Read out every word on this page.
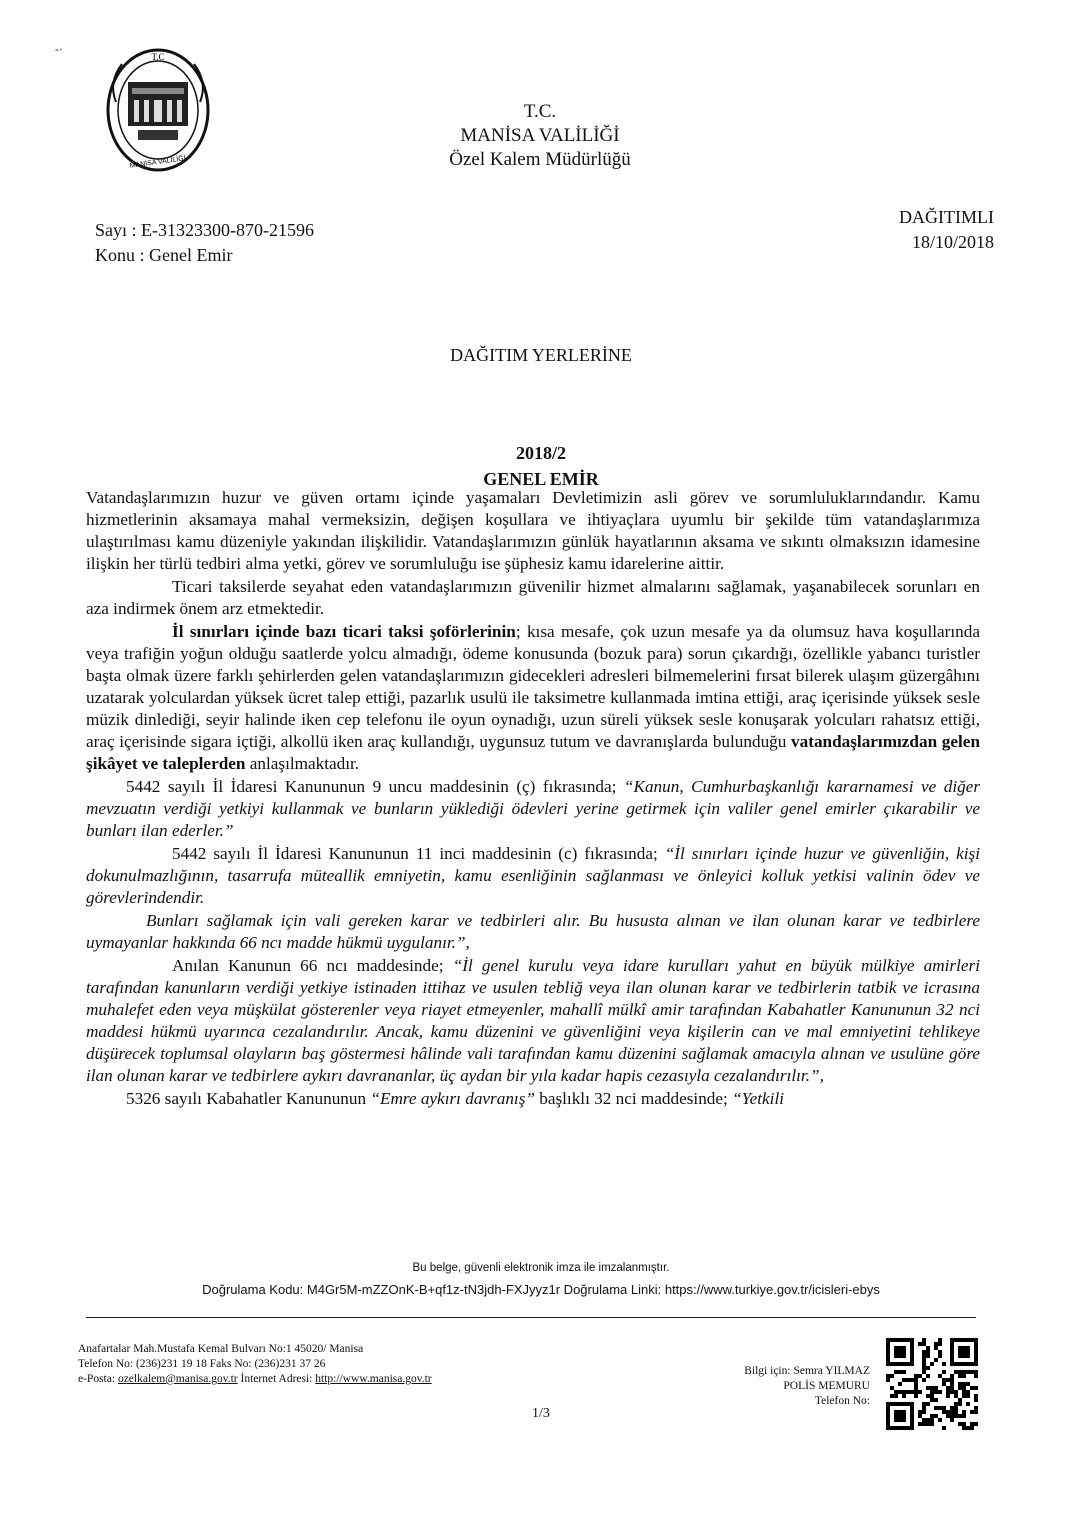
-·
T.C
MANİSA VALİLİĞİ
T.C.
MANİSA VALİLİĞİ
Özel Kalem Müdürlüğü
Sayı : E-31323300-870-21596
Konu : Genel Emir
DAĞITIMLI
18/10/2018
DAĞITIM YERLERİNE
2018/2
GENEL EMİR

Vatandaşlarımızın huzur ve güven ortamı içinde yaşamaları Devletimizin asli görev ve sorumluluklarındandır. Kamu hizmetlerinin aksamaya mahal vermeksizin, değişen koşullara ve ihtiyaçlara uyumlu bir şekilde tüm vatandaşlarımıza ulaştırılması kamu düzeniyle yakından ilişkilidir. Vatandaşlarımızın günlük hayatlarının aksama ve sıkıntı olmaksızın idamesine ilişkin her türlü tedbiri alma yetki, görev ve sorumluluğu ise şüphesiz kamu idarelerine aittir.

Ticari taksilerde seyahat eden vatandaşlarımızın güvenilir hizmet almalarını sağlamak, yaşanabilecek sorunları en aza indirmek önem arz etmektedir.

İl sınırları içinde bazı ticari taksi şoförlerinin; kısa mesafe, çok uzun mesafe ya da olumsuz hava koşullarında veya trafiğin yoğun olduğu saatlerde yolcu almadığı, ödeme konusunda (bozuk para) sorun çıkardığı, özellikle yabancı turistler başta olmak üzere farklı şehirlerden gelen vatandaşlarımızın gidecekleri adresleri bilmemelerini fırsat bilerek ulaşım güzergâhını uzatarak yolculardan yüksek ücret talep ettiği, pazarlık usulü ile taksimetre kullanmada imtina ettiği, araç içerisinde yüksek sesle müzik dinlediği, seyir halinde iken cep telefonu ile oyun oynadığı, uzun süreli yüksek sesle konuşarak yolcuları rahatsız ettiği, araç içerisinde sigara içtiği, alkollü iken araç kullandığı, uygunsuz tutum ve davranışlarda bulunduğu vatandaşlarımızdan gelen şikâyet ve taleplerden anlaşılmaktadır.

5442 sayılı İl İdaresi Kanununun 9 uncu maddesinin (ç) fıkrasında; “Kanun, Cumhurbaşkanlığı kararnamesi ve diğer mevzuatın verdiği yetkiyi kullanmak ve bunların yüklediği ödevleri yerine getirmek için valiler genel emirler çıkarabilir ve bunları ilan ederler.”

5442 sayılı İl İdaresi Kanununun 11 inci maddesinin (c) fıkrasında; “İl sınırları içinde huzur ve güvenliğin, kişi dokunulmazlığının, tasarrufa müteallik emniyetin, kamu esenliğinin sağlanması ve önleyici kolluk yetkisi valinin ödev ve görevlerindendir.

Bunları sağlamak için vali gereken karar ve tedbirleri alır. Bu hususta alınan ve ilan olunan karar ve tedbirlere uymayanlar hakkında 66 ncı madde hükmü uygulanır.”,

Anılan Kanunun 66 ncı maddesinde; “İl genel kurulu veya idare kurulları yahut en büyük mülkiye amirleri tarafından kanunların verdiği yetkiye istinaden ittihaz ve usulen tebliğ veya ilan olunan karar ve tedbirlerin tatbik ve icrasına muhalefet eden veya müşkülat gösterenler veya riayet etmeyenler, mahallî mülkî amir tarafından Kabahatler Kanununun 32 nci maddesi hükmü uyarınca cezalandırılır. Ancak, kamu düzenini ve güvenliğini veya kişilerin can ve mal emniyetini tehlikeye düşürecek toplumsal olayların baş göstermesi hâlinde vali tarafından kamu düzenini sağlamak amacıyla alınan ve usulüne göre ilan olunan karar ve tedbirlere aykırı davrananlar, üç aydan bir yıla kadar hapis cezasıyla cezalandırılır.”,

5326 sayılı Kabahatler Kanununun “Emre aykırı davranış” başlıklı 32 nci maddesinde; “Yetkili

Bu belge, güvenli elektronik imza ile imzalanmıştır.
Doğrulama Kodu: M4Gr5M-mZZOnK-B+qf1z-tN3jdh-FXJyyz1r Doğrulama Linki: https://www.turkiye.gov.tr/icisleri-ebys
Anafartalar Mah.Mustafa Kemal Bulvarı No:1 45020/ Manisa
Telefon No: (236)231 19 18 Faks No: (236)231 37 26
e-Posta: ozelkalem@manisa.gov.tr İnternet Adresi: http://www.manisa.gov.tr
Bilgi için: Semra YILMAZ
POLİS MEMURU
Telefon No:
1/3
